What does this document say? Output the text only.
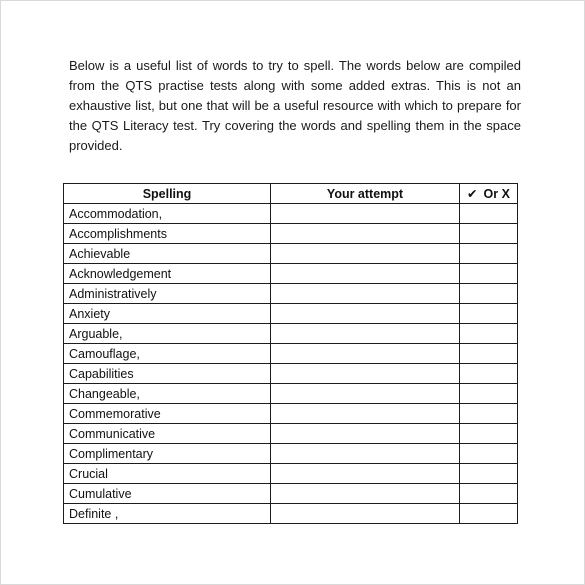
Below is a useful list of words to try to spell. The words below are compiled from the QTS practise tests along with some added extras. This is not an exhaustive list, but one that will be a useful resource with which to prepare for the QTS Literacy test. Try covering the words and spelling them in the space provided.

Spelling	Your attempt	✔ Or X
Accommodation,		
Accomplishments		
Achievable		
Acknowledgement		
Administratively		
Anxiety		
Arguable,		
Camouflage,		
Capabilities		
Changeable,		
Commemorative		
Communicative		
Complimentary		
Crucial		
Cumulative		
Definite ,		
